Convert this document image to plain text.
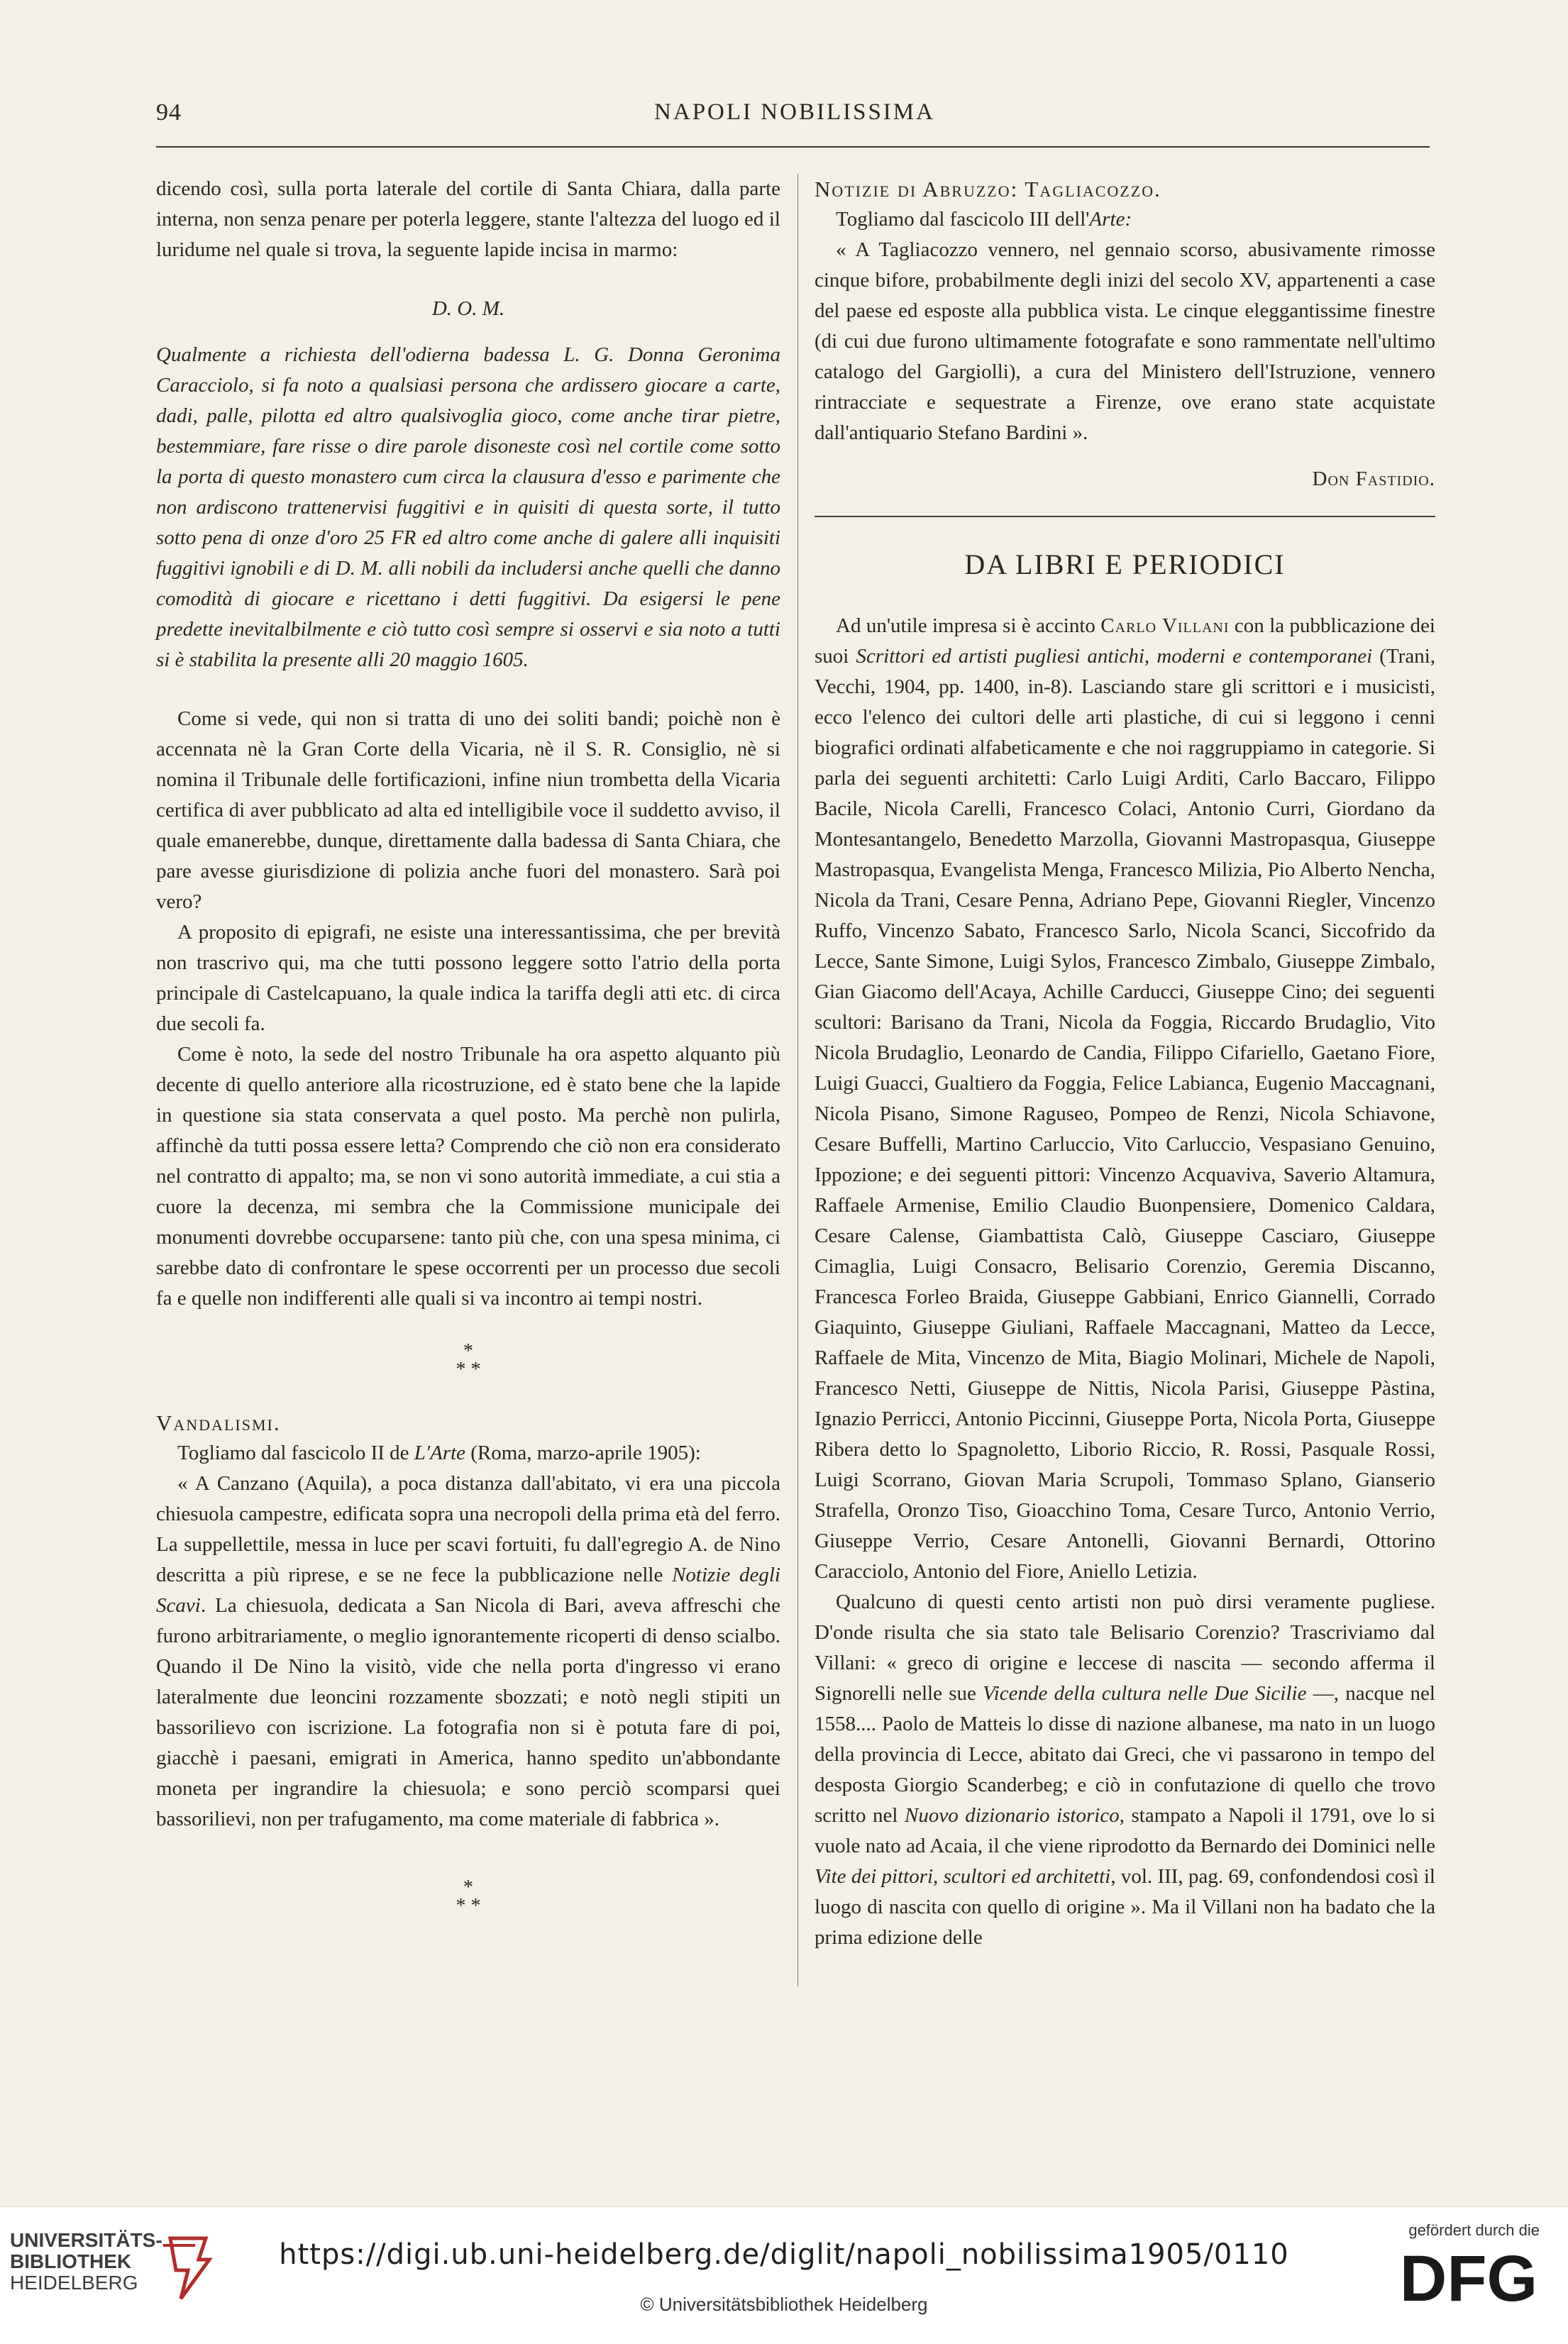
94	NAPOLI NOBILISSIMA

dicendo così, sulla porta laterale del cortile di Santa Chiara, dalla parte interna, non senza penare per poterla leggere, stante l'altezza del luogo ed il luridume nel quale si trova, la seguente lapide incisa in marmo:

D. O. M.

Qualmente a richiesta dell'odierna badessa L. G. Donna Geronima Caracciolo, si fa noto a qualsiasi persona che ardissero giocare a carte, dadi, palle, pilotta ed altro qualsivoglia gioco, come anche tirar pietre, bestemmiare, fare risse o dire parole disoneste così nel cortile come sotto la porta di questo monastero cum circa la clausura d'esso e parimente che non ardiscono trattenervisi fuggitivi e in quisiti di questa sorte, il tutto sotto pena di onze d'oro 25 FR ed altro come anche di galere alli inquisiti fuggitivi ignobili e di D. M. alli nobili da includersi anche quelli che danno comodità di giocare e ricettano i detti fuggitivi. Da esigersi le pene predette inevitalbilmente e ciò tutto così sempre si osservi e sia noto a tutti si è stabilita la presente alli 20 maggio 1605.

Come si vede, qui non si tratta di uno dei soliti bandi; poichè non è accennata nè la Gran Corte della Vicaria, nè il S. R. Consiglio, nè si nomina il Tribunale delle fortificazioni, infine niun trombetta della Vicaria certifica di aver pubblicato ad alta ed intelligibile voce il suddetto avviso, il quale emanerebbe, dunque, direttamente dalla badessa di Santa Chiara, che pare avesse giurisdizione di polizia anche fuori del monastero. Sarà poi vero?

A proposito di epigrafi, ne esiste una interessantissima, che per brevità non trascrivo qui, ma che tutti possono leggere sotto l'atrio della porta principale di Castelcapuano, la quale indica la tariffa degli atti etc. di circa due secoli fa.

Come è noto, la sede del nostro Tribunale ha ora aspetto alquanto più decente di quello anteriore alla ricostruzione, ed è stato bene che la lapide in questione sia stata conservata a quel posto. Ma perchè non pulirla, affinchè da tutti possa essere letta? Comprendo che ciò non era considerato nel contratto di appalto; ma, se non vi sono autorità immediate, a cui stia a cuore la decenza, mi sembra che la Commissione municipale dei monumenti dovrebbe occuparsene: tanto più che, con una spesa minima, ci sarebbe dato di confrontare le spese occorrenti per un processo due secoli fa e quelle non indifferenti alle quali si va incontro ai tempi nostri.

*
* *

Vandalismi.

Togliamo dal fascicolo II de L'Arte (Roma, marzo-aprile 1905):

« A Canzano (Aquila), a poca distanza dall'abitato, vi era una piccola chiesuola campestre, edificata sopra una necropoli della prima età del ferro. La suppellettile, messa in luce per scavi fortuiti, fu dall'egregio A. de Nino descritta a più riprese, e se ne fece la pubblicazione nelle Notizie degli Scavi. La chiesuola, dedicata a San Nicola di Bari, aveva affreschi che furono arbitrariamente, o meglio ignorantemente ricoperti di denso scialbo. Quando il De Nino la visitò, vide che nella porta d'ingresso vi erano lateralmente due leoncini rozzamente sbozzati; e notò negli stipiti un bassorilievo con iscrizione. La fotografia non si è potuta fare di poi, giacchè i paesani, emigrati in America, hanno spedito un'abbondante moneta per ingrandire la chiesuola; e sono perciò scomparsi quei bassorilievi, non per trafugamento, ma come materiale di fabbrica ».

*
* *

Notizie di Abruzzo: Tagliacozzo.

Togliamo dal fascicolo III dell'Arte:

« A Tagliacozzo vennero, nel gennaio scorso, abusivamente rimosse cinque bifore, probabilmente degli inizi del secolo XV, appartenenti a case del paese ed esposte alla pubblica vista. Le cinque eleggantissime finestre (di cui due furono ultimamente fotografate e sono rammentate nell'ultimo catalogo del Gargiolli), a cura del Ministero dell'Istruzione, vennero rintracciate e sequestrate a Firenze, ove erano state acquistate dall'antiquario Stefano Bardini ».

Don Fastidio.

DA LIBRI E PERIODICI

Ad un'utile impresa si è accinto Carlo Villani con la pubblicazione dei suoi Scrittori ed artisti pugliesi antichi, moderni e contemporanei (Trani, Vecchi, 1904, pp. 1400, in-8). Lasciando stare gli scrittori e i musicisti, ecco l'elenco dei cultori delle arti plastiche, di cui si leggono i cenni biografici ordinati alfabeticamente e che noi raggruppiamo in categorie. Si parla dei seguenti architetti: Carlo Luigi Arditi, Carlo Baccaro, Filippo Bacile, Nicola Carelli, Francesco Colaci, Antonio Curri, Giordano da Montesantangelo, Benedetto Marzolla, Giovanni Mastropasqua, Giuseppe Mastropasqua, Evangelista Menga, Francesco Milizia, Pio Alberto Nencha, Nicola da Trani, Cesare Penna, Adriano Pepe, Giovanni Riegler, Vincenzo Ruffo, Vincenzo Sabato, Francesco Sarlo, Nicola Scanci, Siccofrido da Lecce, Sante Simone, Luigi Sylos, Francesco Zimbalo, Giuseppe Zimbalo, Gian Giacomo dell'Acaya, Achille Carducci, Giuseppe Cino; dei seguenti scultori: Barisano da Trani, Nicola da Foggia, Riccardo Brudaglio, Vito Nicola Brudaglio, Leonardo de Candia, Filippo Cifariello, Gaetano Fiore, Luigi Guacci, Gualtiero da Foggia, Felice Labianca, Eugenio Maccagnani, Nicola Pisano, Simone Raguseo, Pompeo de Renzi, Nicola Schiavone, Cesare Buffelli, Martino Carluccio, Vito Carluccio, Vespasiano Genuino, Ippozione; e dei seguenti pittori: Vincenzo Acquaviva, Saverio Altamura, Raffaele Armenise, Emilio Claudio Buonpensiere, Domenico Caldara, Cesare Calense, Giambattista Calò, Giuseppe Casciaro, Giuseppe Cimaglia, Luigi Consacro, Belisario Corenzio, Geremia Discanno, Francesca Forleo Braida, Giuseppe Gabbiani, Enrico Giannelli, Corrado Giaquinto, Giuseppe Giuliani, Raffaele Maccagnani, Matteo da Lecce, Raffaele de Mita, Vincenzo de Mita, Biagio Molinari, Michele de Napoli, Francesco Netti, Giuseppe de Nittis, Nicola Parisi, Giuseppe Pàstina, Ignazio Perricci, Antonio Piccinni, Giuseppe Porta, Nicola Porta, Giuseppe Ribera detto lo Spagnoletto, Liborio Riccio, R. Rossi, Pasquale Rossi, Luigi Scorrano, Giovan Maria Scrupoli, Tommaso Splano, Gianserio Strafella, Oronzo Tiso, Gioacchino Toma, Cesare Turco, Antonio Verrio, Giuseppe Verrio, Cesare Antonelli, Giovanni Bernardi, Ottorino Caracciolo, Antonio del Fiore, Aniello Letizia.

Qualcuno di questi cento artisti non può dirsi veramente pugliese. D'onde risulta che sia stato tale Belisario Corenzio? Trascriviamo dal Villani: « greco di origine e leccese di nascita — secondo afferma il Signorelli nelle sue Vicende della cultura nelle Due Sicilie —, nacque nel 1558.... Paolo de Matteis lo disse di nazione albanese, ma nato in un luogo della provincia di Lecce, abitato dai Greci, che vi passarono in tempo del desposta Giorgio Scanderbeg; e ciò in confutazione di quello che trovo scritto nel Nuovo dizionario istorico, stampato a Napoli il 1791, ove lo si vuole nato ad Acaia, il che viene riprodotto da Bernardo dei Dominici nelle Vite dei pittori, scultori ed architetti, vol. III, pag. 69, confondendosi così il luogo di nascita con quello di origine ». Ma il Villani non ha badato che la prima edizione delle

UNIVERSITÄTS-
BIBLIOTHEK
HEIDELBERG
https://digi.ub.uni-heidelberg.de/diglit/napoli_nobilissima1905/0110
© Universitätsbibliothek Heidelberg
gefördert durch die
DFG
